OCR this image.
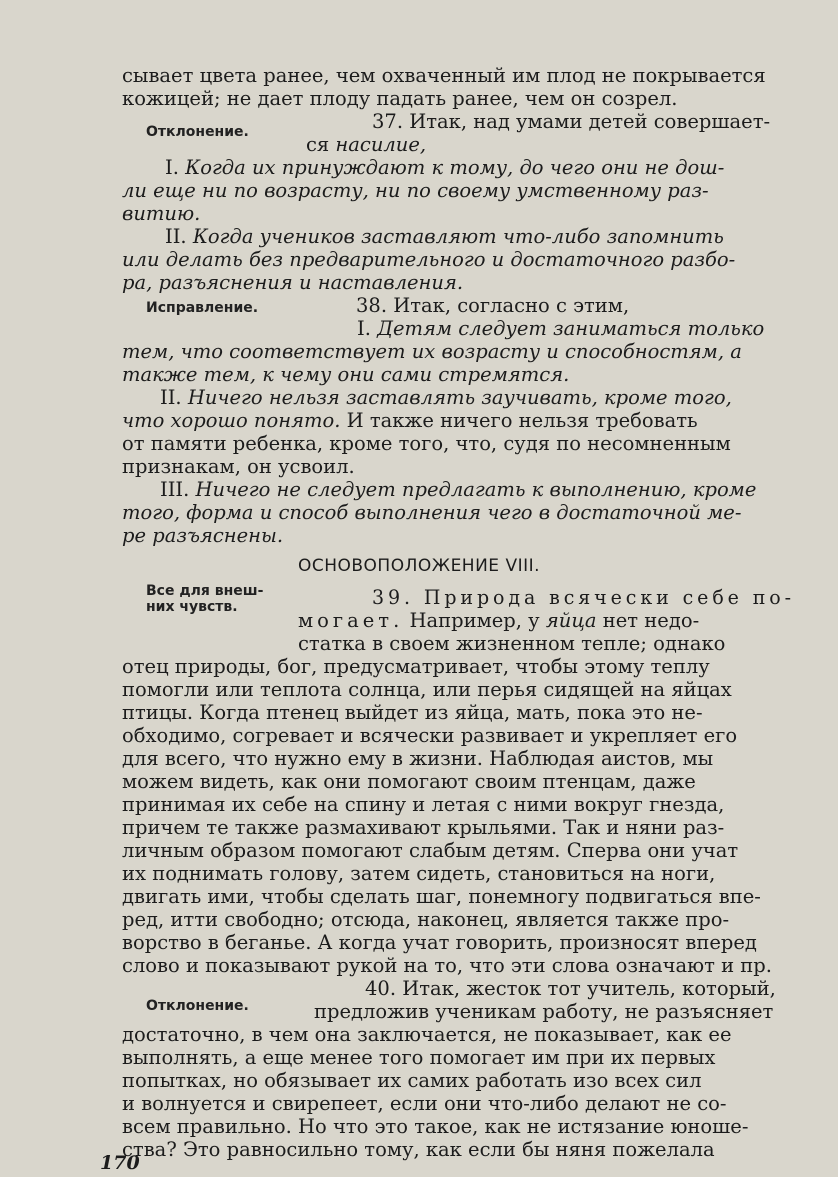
сывает цвета ранее, чем охваченный им плод не покрывается
кожицей; не дает плоду падать ранее, чем он созрел.
37. Итак, над умами детей совершает-
Отклонение.
ся насилие,
I. Когда их принуждают к тому, до чего они не дош-
ли еще ни по возрасту, ни по своему умственному раз-
витию.
II. Когда учеников заставляют что-либо запомнить
или делать без предварительного и достаточного разбо-
ра, разъяснения и наставления.
38. Итак, согласно с этим,
Исправление.
I. Детям следует заниматься только
тем, что соответствует их возрасту и способностям, а
также тем, к чему они сами стремятся.
II. Ничего нельзя заставлять заучивать, кроме того,
что хорошо понято. И также ничего нельзя требовать
от памяти ребенка, кроме того, что, судя по несомненным
признакам, он усвоил.
III. Ничего не следует предлагать к выполнению, кроме
того, форма и способ выполнения чего в достаточной ме-
ре разъяснены.
ОСНОВОПОЛОЖЕНИЕ VIII.
39. Природа всячески себе по-
Все для внеш- них чувств.
могает. Например, у яйца нет недо-
статка в своем жизненном тепле; однако
отец природы, бог, предусматривает, чтобы этому теплу
помогли или теплота солнца, или перья сидящей на яйцах
птицы. Когда птенец выйдет из яйца, мать, пока это не-
обходимо, согревает и всячески развивает и укрепляет его
для всего, что нужно ему в жизни. Наблюдая аистов, мы
можем видеть, как они помогают своим птенцам, даже
принимая их себе на спину и летая с ними вокруг гнезда,
причем те также размахивают крыльями. Так и няни раз-
личным образом помогают слабым детям. Сперва они учат
их поднимать голову, затем сидеть, становиться на ноги,
двигать ими, чтобы сделать шаг, понемногу подвигаться впе-
ред, итти свободно; отсюда, наконец, является также про-
ворство в беганье. А когда учат говорить, произносят вперед
слово и показывают рукой на то, что эти слова означают и пр.
40. Итак, жесток тот учитель, который,
Отклонение.	предложив ученикам работу, не разъясняет
достаточно, в чем она заключается, не показывает, как ее
выполнять, а еще менее того помогает им при их первых
попытках, но обязывает их самих работать изо всех сил
и волнуется и свирепеет, если они что-либо делают не со-
всем правильно. Но что это такое, как не истязание юноше-
ства? Это равносильно тому, как если бы няня пожелала
170
